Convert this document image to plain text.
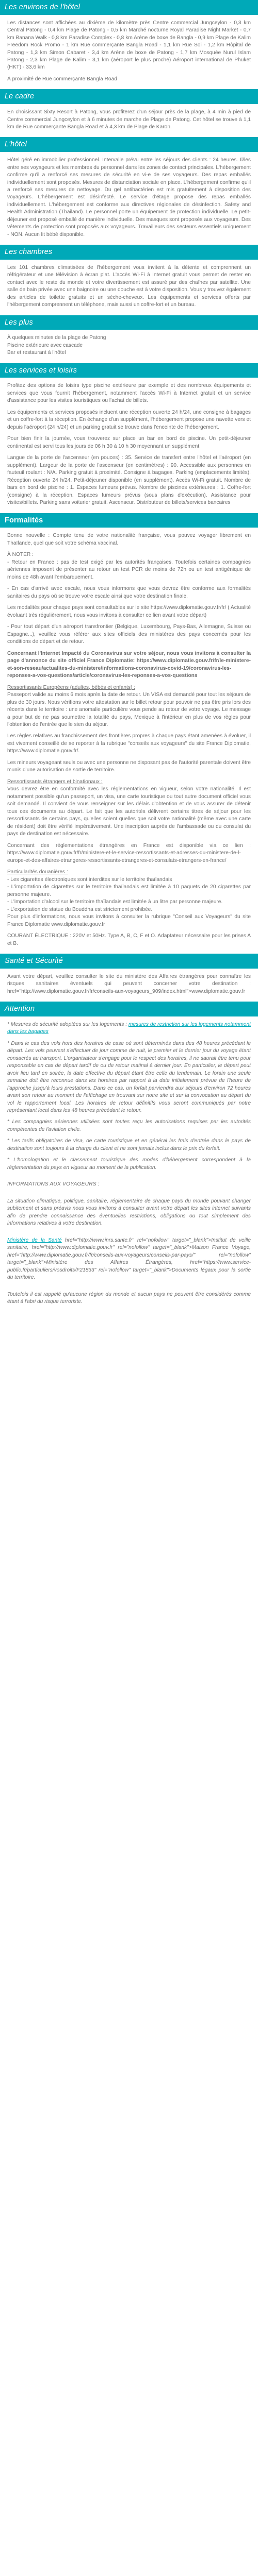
Les environs de l'hôtel

Les distances sont affichées au dixième de kilomètre près Centre commercial Jungceylon - 0,3 km Central Patong - 0,4 km Plage de Patong - 0,5 km Marché nocturne Royal Paradise Night Market - 0,7 km Banana Walk - 0,8 km Paradise Complex - 0,8 km Arène de boxe de Bangla - 0,9 km Plage de Kalim Freedom Rock Promo - 1 km Rue commerçante Bangla Road - 1,1 km Rue Soi - 1,2 km Hôpital de Patong - 1,3 km Simon Cabaret - 3,4 km Arène de boxe de Patong - 1,7 km Mosquée Nurul Islam Patong - 2,3 km Plage de Kalim - 3,1 km (aéroport le plus proche) Aéroport international de Phuket (HKT) - 33,6 km

À proximité de Rue commerçante Bangla Road

Le cadre

En choisissant Sixty Resort à Patong, vous profiterez d'un séjour près de la plage, à 4 min à pied de Centre commercial Jungceylon et à 6 minutes de marche de Plage de Patong. Cet hôtel se trouve à 1,1 km de Rue commerçante Bangla Road et à 4,3 km de Plage de Karon.

L'hôtel

Hôtel géré en immobilier professionnel. Intervalle prévu entre les séjours des clients : 24 heures. Il/les entre ses voyageurs et les membres du personnel dans les zones de contact principales. L'hébergement confirme qu'il a renforcé ses mesures de sécurité en vi-e de ses voyageurs. Des repas emballés individuellement sont proposés. Mesures de distanciation sociale en place. L'hébergement confirme qu'il a renforcé ses mesures de nettoyage. Du gel antibactérien est mis gratuitement à disposition des voyageurs. L'hébergement est désinfecté. Le service d'étage propose des repas emballés individuellement. L'hébergement est conforme aux directives régionales de désinfection. Safety and Health Administration (Thailand). Le personnel porte un équipement de protection individuelle. Le petit-déjeuner est proposé emballé de manière individuelle. Des masques sont proposés aux voyageurs. Des vêtements de protection sont proposés aux voyageurs. Travailleurs des secteurs essentiels uniquement - NON. Aucun lit bébé disponible.

Les chambres

Les 101 chambres climatisées de l'hébergement vous invitent à la détente et comprennent un réfrigérateur et une télévision à écran plat. L'accès Wi-Fi à Internet gratuit vous permet de rester en contact avec le reste du monde et votre divertissement est assuré par des chaînes par satellite. Une salle de bain privée avec une baignoire ou une douche est à votre disposition. Vous y trouvez également des articles de toilette gratuits et un sèche-cheveux. Les équipements et services offerts par l'hébergement comprennent un téléphone, mais aussi un coffre-fort et un bureau.

Les plus

À quelques minutes de la plage de Patong

Piscine extérieure avec cascade

Bar et restaurant à l'hôtel

Les services et loisirs

Profitez des options de loisirs type piscine extérieure par exemple et des nombreux équipements et services que vous fournit l'hébergement, notamment l'accès Wi-Fi à Internet gratuit et un service d'assistance pour les visites touristiques ou l'achat de billets.

Les équipements et services proposés incluent une réception ouverte 24 h/24, une consigne à bagages et un coffre-fort à la réception. En échange d'un supplément, l'hébergement propose une navette vers et depuis l'aéroport (24 h/24) et un parking gratuit se trouve dans l'enceinte de l'hébergement.

Pour bien finir la journée, vous trouverez sur place un bar en bord de piscine. Un petit-déjeuner continental est servi tous les jours de 06 h 30 à 10 h 30 moyennant un supplément.

Langue de la porte de l'ascenseur (en pouces) : 35. Service de transfert entre l'hôtel et l'aéroport (en supplément). Largeur de la porte de l'ascenseur (en centimètres) : 90. Accessible aux personnes en fauteuil roulant : N/A. Parking gratuit à proximité. Consigne à bagages. Parking (emplacements limités). Réception ouverte 24 h/24. Petit-déjeuner disponible (en supplément). Accès Wi-Fi gratuit. Nombre de bars en bord de piscine : 1. Espaces fumeurs prévus. Nombre de piscines extérieures : 1. Coffre-fort (consigne) à la réception. Espaces fumeurs prévus (sous plans d'exécution). Assistance pour visites/billets. Parking sans voiturier gratuit. Ascenseur. Distributeur de billets/services bancaires

Formalités

Bonne nouvelle : Compte tenu de votre nationalité française, vous pouvez voyager librement en Thaïlande, quel que soit votre schéma vaccinal.

À NOTER :

- Retour en France : pas de test exigé par les autorités françaises. Toutefois certaines compagnies aériennes imposent de présenter au retour un test PCR de moins de 72h ou un test antigénique de moins de 48h avant l'embarquement.

- En cas d'arrivé avec escale, nous vous informons que vous devrez être conforme aux formalités sanitaires du pays où se trouve votre escale ainsi que votre destination finale.

Les modalités pour chaque pays sont consultables sur le site https://www.diplomatie.gouv.fr/fr/ ( Actualité évoluant très régulièrement, nous vous invitons à consulter ce lien avant votre départ)

- Pour tout départ d'un aéroport transfrontier (Belgique, Luxembourg, Pays-Bas, Allemagne, Suisse ou Espagne...), veuillez vous référer aux sites officiels des ministères des pays concernés pour les conditions de départ et de retour.

Concernant l'Internet Impacté du Coronavirus sur votre séjour, nous vous invitons à consulter la page d'annonce du site officiel France Diplomatie: https://www.diplomatie.gouv.fr/fr/le-ministere-et-son-reseau/actualites-du-ministere/informations-coronavirus-covid-19/coronavirus-les-reponses-a-vos-questions/article/coronavirus-les-reponses-a-vos-questions

Ressortissants Européens (adultes, bébés et enfants) :

Passeport valide au moins 6 mois après la date de retour. Un VISA est demandé pour tout les séjours de plus de 30 jours. Nous vérifions votre attestation sur le billet retour pour pouvoir ne pas être pris lors des récents dans le territoire : une anomalie particulière vous pende au retour de votre voyage. Le message a pour but de ne pas soumettre la totalité du pays, Mexique à l'intérieur en plus de vos règles pour l'obtention de l'entrée que le sien du séjour.

Les règles relatives au franchissement des frontières propres à chaque pays étant amenées à évoluer, il est vivement conseillé de se reporter à la rubrique "conseils aux voyageurs" du site France Diplomatie, https://www.diplomatie.gouv.fr/.

Les mineurs voyageant seuls ou avec une personne ne disposant pas de l'autorité parentale doivent être munis d'une autorisation de sortie de territoire.

Ressortissants étrangers et binationaux :

Vous devrez être en conformité avec les réglementations en vigueur, selon votre nationalité. Il est notamment possible qu'un passeport, un visa, une carte touristique ou tout autre document officiel vous soit demandé. Il convient de vous renseigner sur les délais d'obtention et de vous assurer de détenir tous ces documents au départ. Le fait que les autorités délivrent certains titres de séjour pour les ressortissants de certains pays, qu'elles soient quelles que soit votre nationalité (même avec une carte de résident) doit être vérifié impérativement. Une inscription auprès de l'ambassade ou du consulat du pays de destination est nécessaire.

Concernant des réglementations étrangères en France est disponible via ce lien : https://www.diplomatie.gouv.fr/fr/ministere-et-le-service-ressortissants-et-adresses-du-ministere-de-l-europe-et-des-affaires-etrangeres-ressortissants-etrangeres-et-consulats-etrangers-en-france/

Particularités douanières :

- Les cigarettes électroniques sont interdites sur le territoire thaïlandais

- L'importation de cigarettes sur le territoire thaïlandais est limitée à 10 paquets de 20 cigarettes par personne majeure.

- L'importation d'alcool sur le territoire thaïlandais est limitée à un litre par personne majeure.

- L'exportation de statue du Bouddha est strictement prohibée.

Pour plus d'informations, nous vous invitons à consulter la rubrique "Conseil aux Voyageurs" du site France Diplomatie www.diplomatie.gouv.fr

COURANT ÉLECTRIQUE : 220V et 50Hz. Type A, B, C, F et O. Adaptateur nécessaire pour les prises A et B.

Santé et Sécurité

Avant votre départ, veuillez consulter le site du ministère des Affaires étrangères pour connaître les risques sanitaires éventuels qui peuvent concerner votre destination : href="http://www.diplomatie.gouv.fr/fr/conseils-aux-voyageurs_909/index.html">www.diplomatie.gouv.fr

Attention

* Mesures de sécurité adoptées sur les logements : mesures de restriction sur les logements notamment dans les bagages

* Dans le cas des vols hors des horaires de case où sont déterminés dans des 48 heures précédant le départ. Les vols peuvent s'effectuer de jour comme de nuit, le premier et le dernier jour du voyage étant consacrés au transport. L'organisateur s'engage pour le respect des horaires, il ne saurait être tenu pour responsable en cas de départ tardif de ou de retour matinal à dernier jour. En particulier, le départ peut avoir lieu tard en soirée, la date effective du départ étant être celle du lendemain. Le forain une seule semaine doit être reconnue dans les horaires par rapport à la date initialement prévue de l'heure de l'approche jusqu'à leurs prestations. Dans ce cas, un forfait parviendra aux séjours d'environ 72 heures avant son retour au moment de l'affichage en trouvant sur notre site et sur la convocation au départ du vol le rapportement local. Les horaires de retour définitifs vous seront communiqués par notre représentant local dans les 48 heures précédant le retour.

* Les compagnies aériennes utilisées sont toutes reçu les autorisations requises par les autorités compétentes de l'aviation civile.

* Les tarifs obligatoires de visa, de carte touristique et en général les frais d'entrée dans le pays de destination sont toujours à la charge du client et ne sont jamais inclus dans le prix du forfait.

* L'homologation et le classement touristique des modes d'hébergement correspondent à la réglementation du pays en vigueur au moment de la publication.

INFORMATIONS AUX VOYAGEURS :

La situation climatique, politique, sanitaire, réglementaire de chaque pays du monde pouvant changer subitement et sans préavis nous vous invitons à consulter avant votre départ les sites internet suivants afin de prendre connaissance des éventuelles restrictions, obligations ou tout simplement des informations relatives à votre destination.

Ministère de la Santé href="http://www.inrs.sante.fr" rel="nofollow" target="_blank">Institut de veille sanitaire, href="http://www.diplomatie.gouv.fr" rel="nofollow" target="_blank">Maison France Voyage, href="http://www.diplomatie.gouv.fr/fr/conseils-aux-voyageurs/conseils-par-pays/" rel="nofollow" target="_blank">Ministère des Affaires Étrangères, href="https://www.service-public.fr/particuliers/vosdroits/F21833" rel="nofollow" target="_blank">Documents légaux pour la sortie du territoire.

Toutefois il est rappelé qu'aucune région du monde et aucun pays ne peuvent être considérés comme étant à l'abri du risque terroriste.
